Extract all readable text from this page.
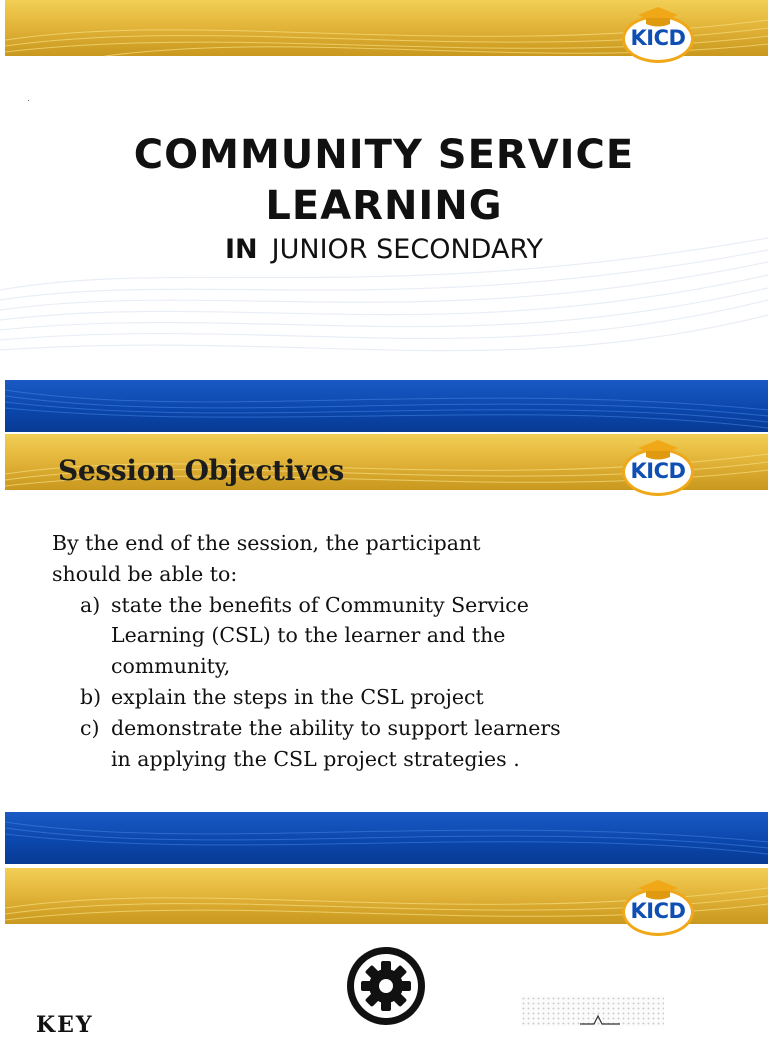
KICD
COMMUNITY SERVICE
LEARNING
IN JUNIOR SECONDARY
KICD
Session Objectives
By the end of the session, the participant
should be able to:
a) state the benefits of Community Service Learning (CSL) to the learner and the community,
b) explain the steps in the CSL project
c) demonstrate the ability to support learners in applying the CSL project strategies .
KICD
KEY
